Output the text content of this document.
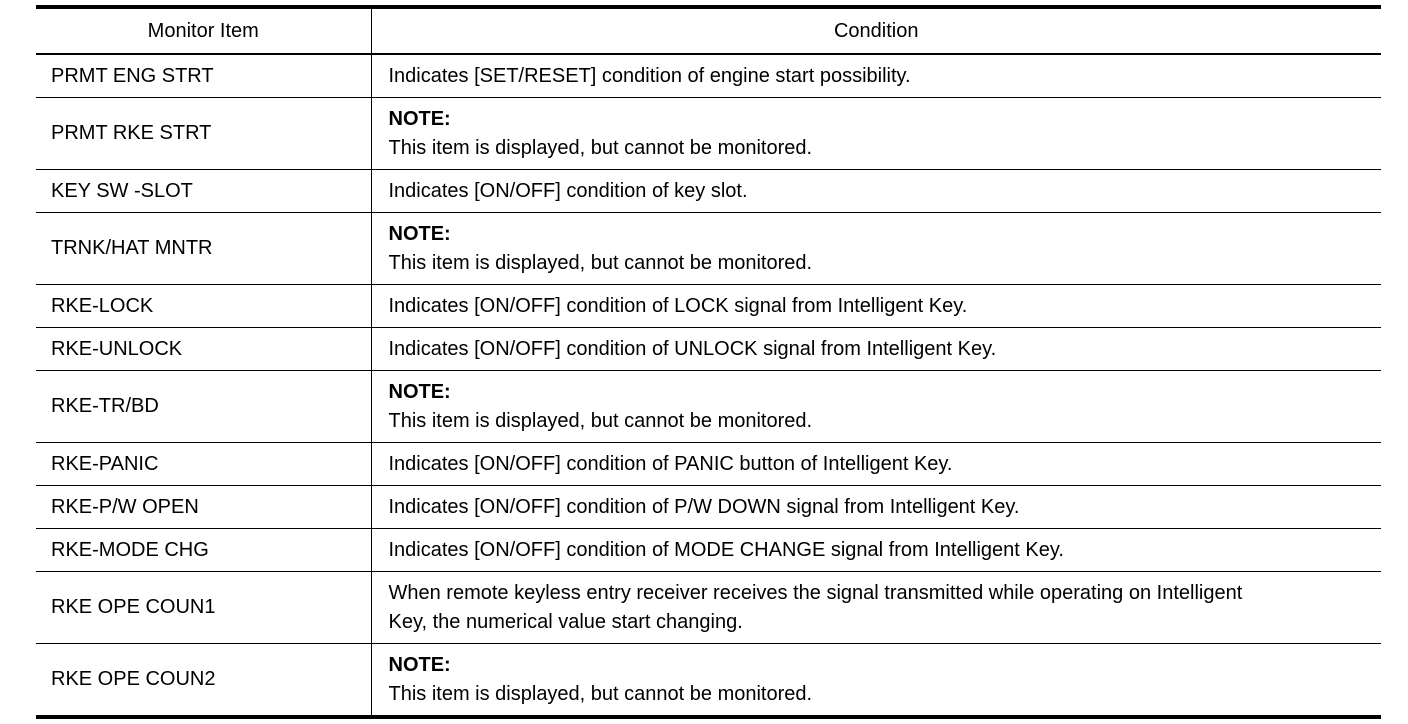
Monitor Item	Condition
PRMT ENG STRT	Indicates [SET/RESET] condition of engine start possibility.

PRMT RKE STRT	NOTE:
This item is displayed, but cannot be monitored.

KEY SW -SLOT	Indicates [ON/OFF] condition of key slot.

TRNK/HAT MNTR	NOTE:
This item is displayed, but cannot be monitored.

RKE-LOCK	Indicates [ON/OFF] condition of LOCK signal from Intelligent Key.

RKE-UNLOCK	Indicates [ON/OFF] condition of UNLOCK signal from Intelligent Key.

RKE-TR/BD	NOTE:
This item is displayed, but cannot be monitored.

RKE-PANIC	Indicates [ON/OFF] condition of PANIC button of Intelligent Key.

RKE-P/W OPEN	Indicates [ON/OFF] condition of P/W DOWN signal from Intelligent Key.

RKE-MODE CHG	Indicates [ON/OFF] condition of MODE CHANGE signal from Intelligent Key.

RKE OPE COUN1	When remote keyless entry receiver receives the signal transmitted while operating on Intelligent
Key, the numerical value start changing.

RKE OPE COUN2	NOTE:
This item is displayed, but cannot be monitored.
